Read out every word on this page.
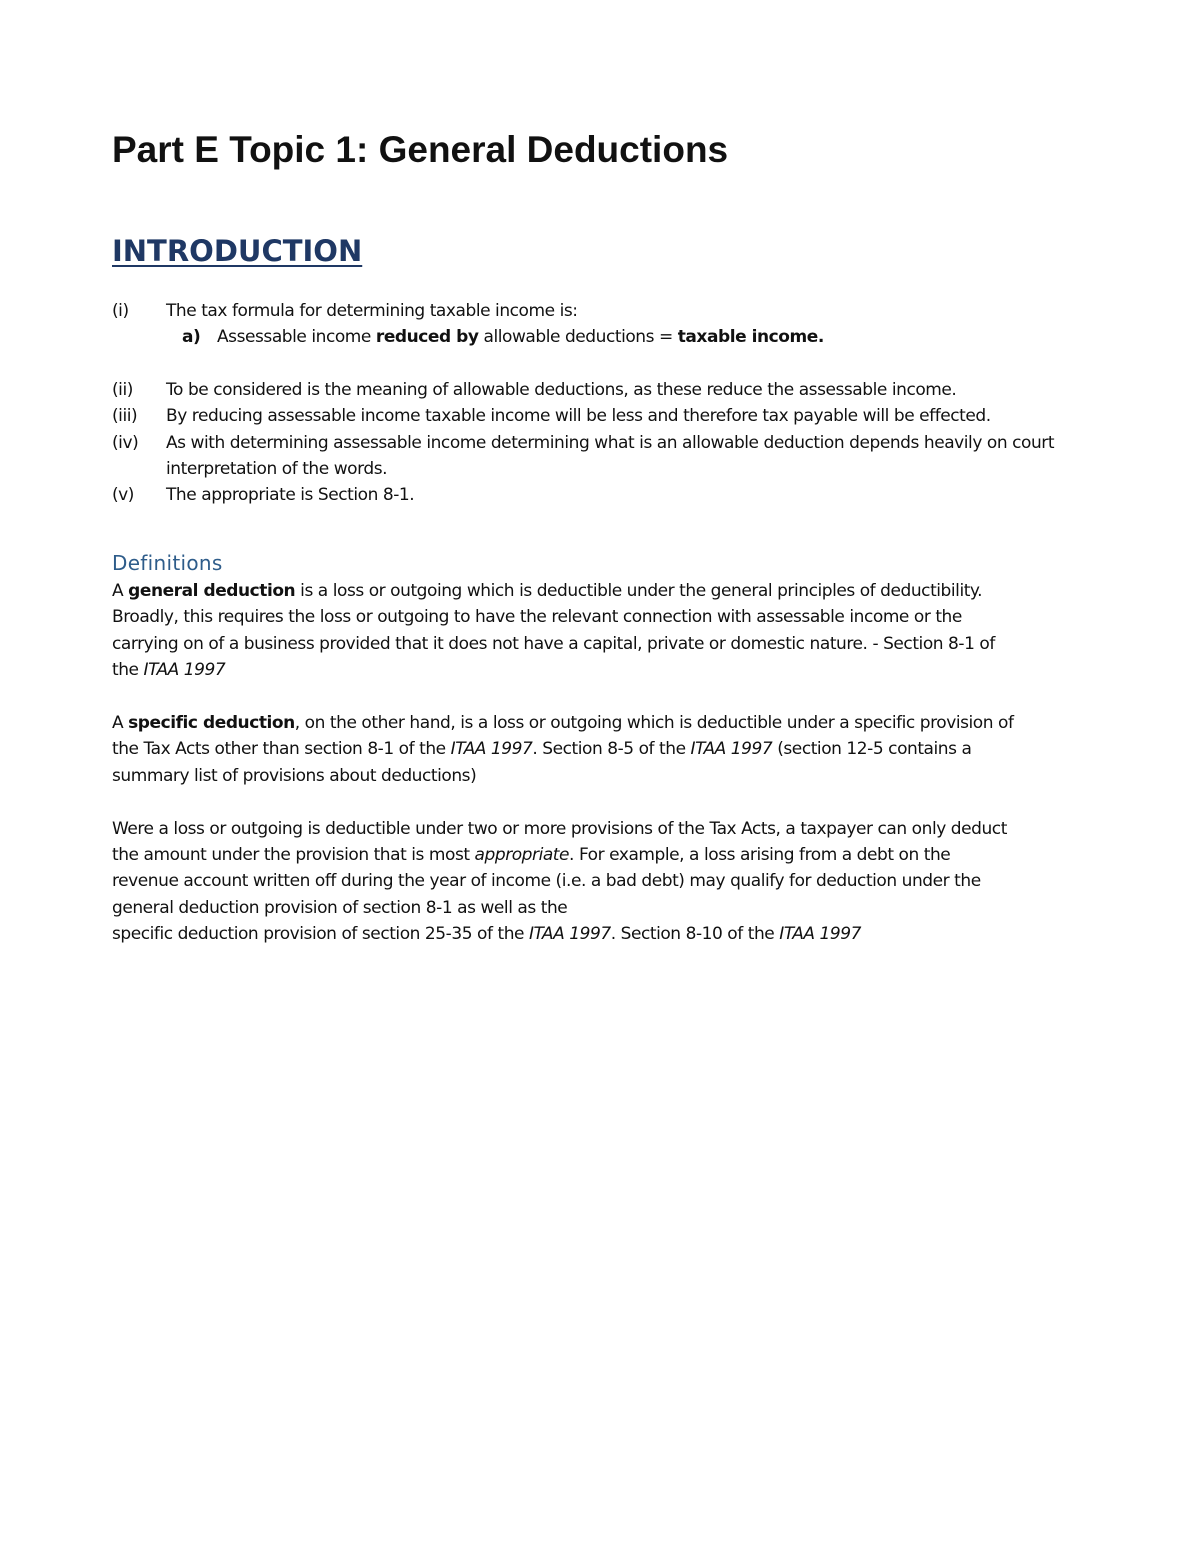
Part E Topic 1: General Deductions
INTRODUCTION
(i) The tax formula for determining taxable income is:
a) Assessable income reduced by allowable deductions = taxable income.
(ii) To be considered is the meaning of allowable deductions, as these reduce the assessable income.
(iii) By reducing assessable income taxable income will be less and therefore tax payable will be effected.
(iv) As with determining assessable income determining what is an allowable deduction depends heavily on court interpretation of the words.
(v) The appropriate is Section 8-1.
Definitions
A general deduction is a loss or outgoing which is deductible under the general principles of deductibility.
Broadly, this requires the loss or outgoing to have the relevant connection with assessable income or the
carrying on of a business provided that it does not have a capital, private or domestic nature. - Section 8-1 of
the ITAA 1997
A specific deduction, on the other hand, is a loss or outgoing which is deductible under a specific provision of
the Tax Acts other than section 8-1 of the ITAA 1997. Section 8-5 of the ITAA 1997 (section 12-5 contains a
summary list of provisions about deductions)
Were a loss or outgoing is deductible under two or more provisions of the Tax Acts, a taxpayer can only deduct
the amount under the provision that is most appropriate. For example, a loss arising from a debt on the
revenue account written off during the year of income (i.e. a bad debt) may qualify for deduction under the
general deduction provision of section 8-1 as well as the
specific deduction provision of section 25-35 of the ITAA 1997. Section 8-10 of the ITAA 1997
